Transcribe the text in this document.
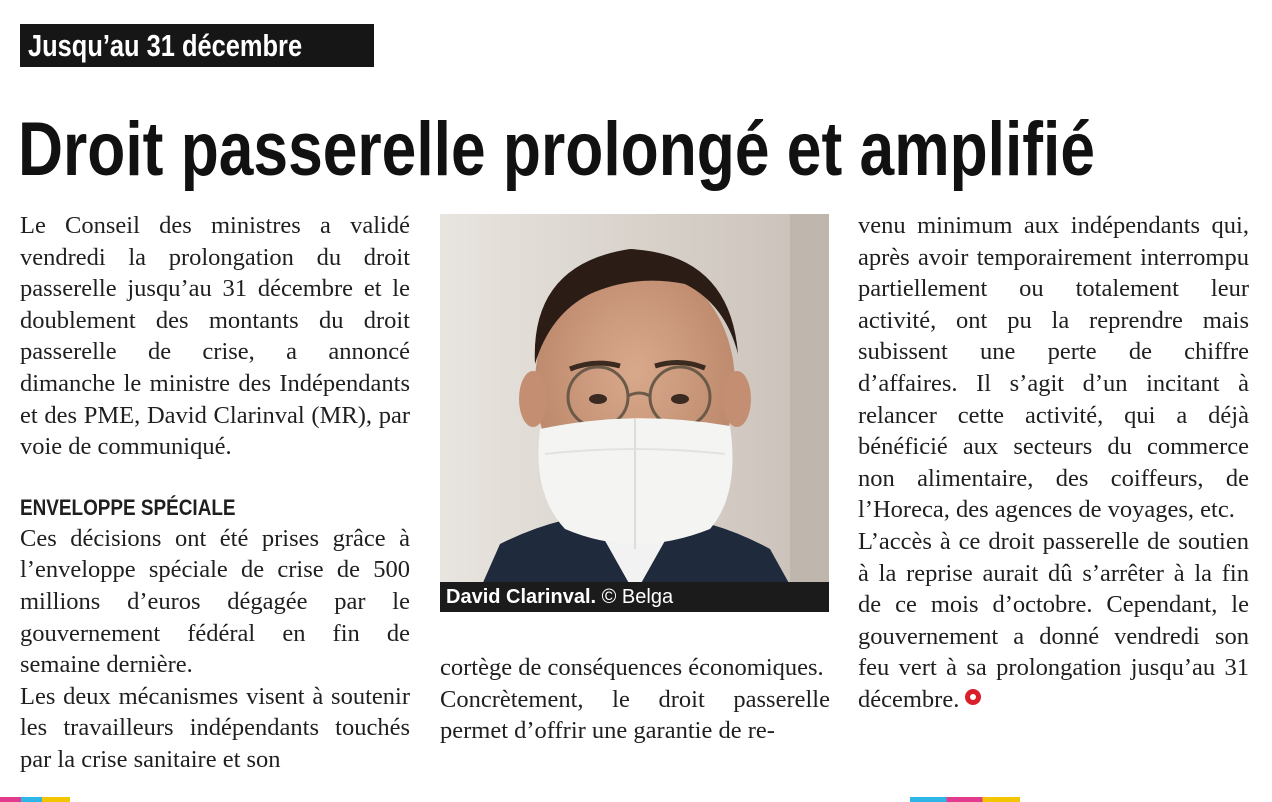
Jusqu’au 31 décembre
Droit passerelle prolongé et amplifié

Le Conseil des ministres a validé vendredi la prolongation du droit passerelle jusqu’au 31 décembre et le doublement des montants du droit passerelle de crise, a annoncé dimanche le ministre des Indépendants et des PME, David Clarinval (MR), par voie de communiqué.

ENVELOPPE SPÉCIALE

Ces décisions ont été prises grâce à l’enveloppe spéciale de crise de 500 millions d’euros dégagée par le gouvernement fédéral en fin de semaine dernière.

Les deux mécanismes visent à soutenir les travailleurs indépendants touchés par la crise sanitaire et son

David Clarinval. © Belga

cortège de conséquences économiques.

Concrètement, le droit passerelle permet d’offrir une garantie de re-

venu minimum aux indépendants qui, après avoir temporairement interrompu partiellement ou totalement leur activité, ont pu la reprendre mais subissent une perte de chiffre d’affaires. Il s’agit d’un incitant à relancer cette activité, qui a déjà bénéficié aux secteurs du commerce non alimentaire, des coiffeurs, de l’Horeca, des agences de voyages, etc.

L’accès à ce droit passerelle de soutien à la reprise aurait dû s’arrêter à la fin de ce mois d’octobre. Cependant, le gouvernement a donné vendredi son feu vert à sa prolongation jusqu’au 31 décembre.
